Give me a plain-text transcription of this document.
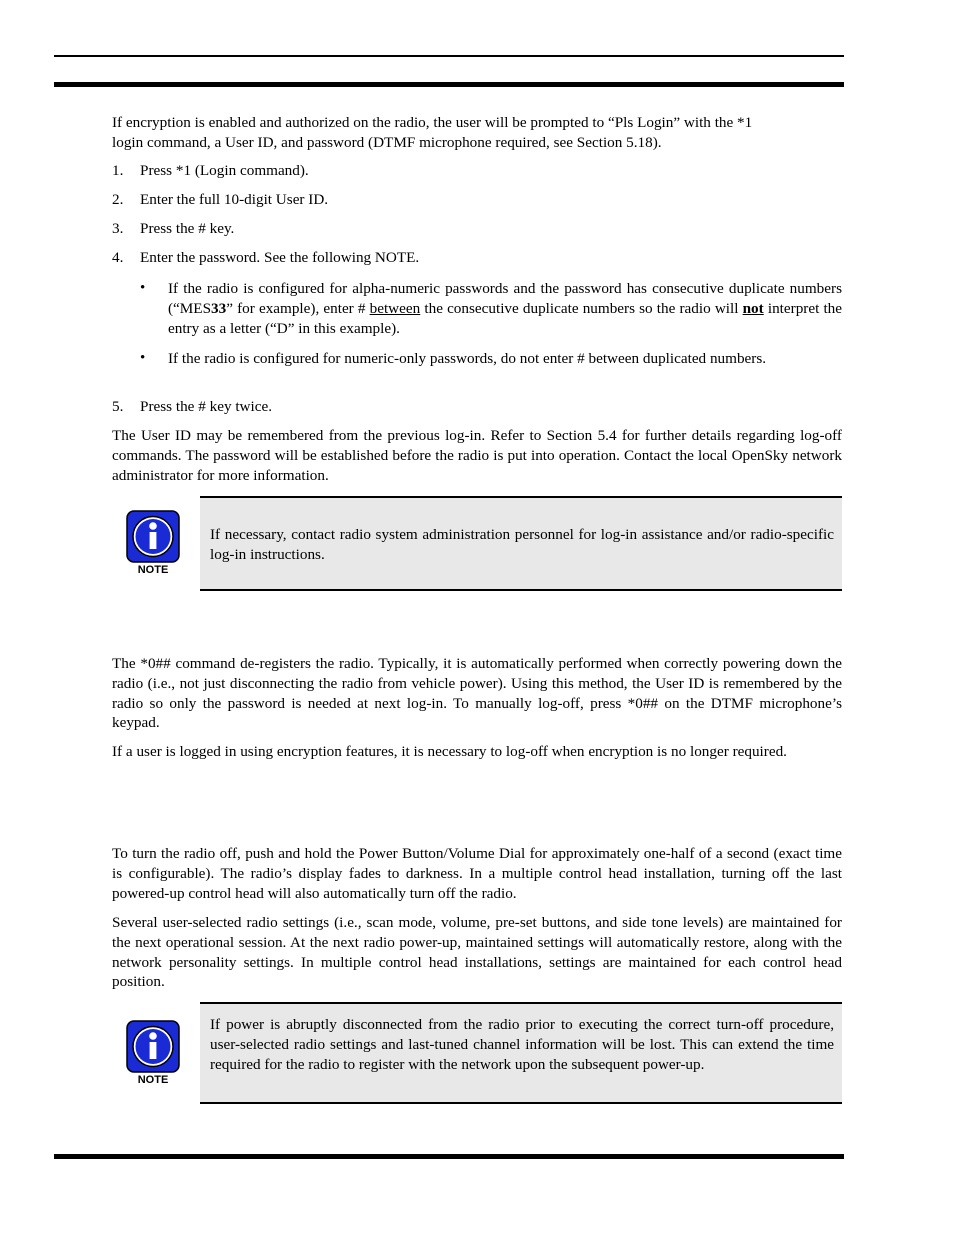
If encryption is enabled and authorized on the radio, the user will be prompted to “Pls Login” with the *1
login command, a User ID, and password (DTMF microphone required, see Section 5.18).

1. Press *1 (Login command).

2. Enter the full 10-digit User ID.

3. Press the # key.

4. Enter the password. See the following NOTE.

• If the radio is configured for alpha-numeric passwords and the password has consecutive duplicate numbers (“MES33” for example), enter # between the consecutive duplicate numbers so the radio will not interpret the entry as a letter (“D” in this example).

• If the radio is configured for numeric-only passwords, do not enter # between duplicated numbers.

5. Press the # key twice.

The User ID may be remembered from the previous log-in. Refer to Section 5.4 for further details regarding log-off commands. The password will be established before the radio is put into operation. Contact the local OpenSky network administrator for more information.

NOTE

If necessary, contact radio system administration personnel for log-in assistance and/or radio-specific log-in instructions.

The *0## command de-registers the radio. Typically, it is automatically performed when correctly powering down the radio (i.e., not just disconnecting the radio from vehicle power). Using this method, the User ID is remembered by the radio so only the password is needed at next log-in. To manually log-off, press *0## on the DTMF microphone’s keypad.

If a user is logged in using encryption features, it is necessary to log-off when encryption is no longer required.

To turn the radio off, push and hold the Power Button/Volume Dial for approximately one-half of a second (exact time is configurable). The radio’s display fades to darkness. In a multiple control head installation, turning off the last powered-up control head will also automatically turn off the radio.

Several user-selected radio settings (i.e., scan mode, volume, pre-set buttons, and side tone levels) are maintained for the next operational session. At the next radio power-up, maintained settings will automatically restore, along with the network personality settings. In multiple control head installations, settings are maintained for each control head position.

NOTE

If power is abruptly disconnected from the radio prior to executing the correct turn-off procedure, user-selected radio settings and last-tuned channel information will be lost. This can extend the time required for the radio to register with the network upon the subsequent power-up.
